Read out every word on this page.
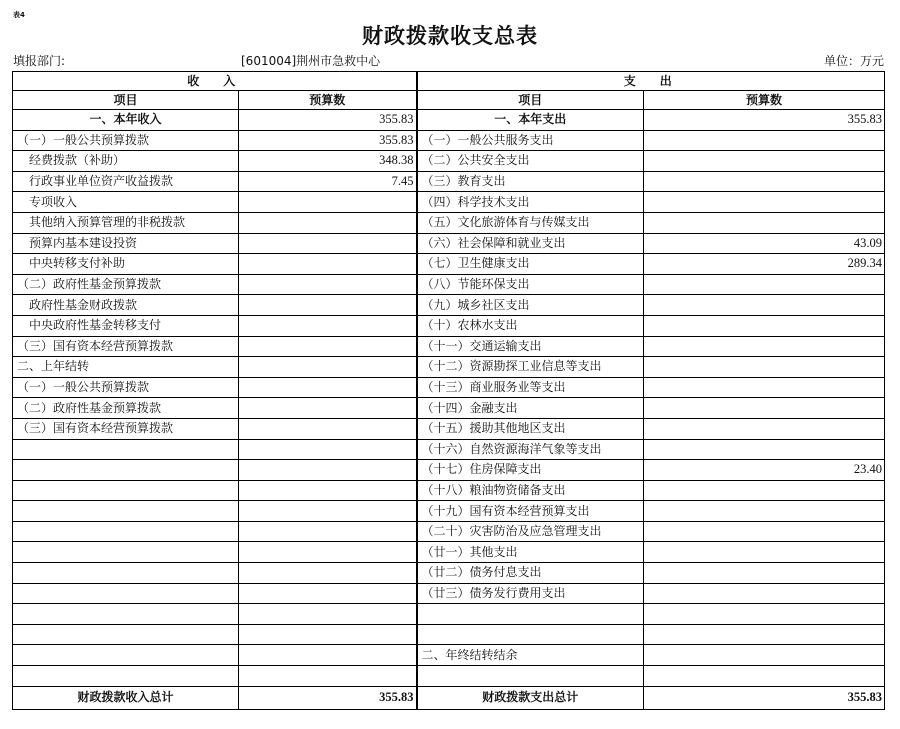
表4
财政拨款收支总表
填报部门:	[601004]荆州市急救中心	单位：万元
收　入		支　出	
项目	预算数	项目	预算数
一、本年收入	355.83	一、本年支出	355.83
（一）一般公共预算拨款	355.83	（一）一般公共服务支出	
　经费拨款（补助）	348.38	（二）公共安全支出	
　行政事业单位资产收益拨款	7.45	（三）教育支出	
　专项收入		（四）科学技术支出	
　其他纳入预算管理的非税拨款		（五）文化旅游体育与传媒支出	
　预算内基本建设投资		（六）社会保障和就业支出	43.09
　中央转移支付补助		（七）卫生健康支出	289.34
（二）政府性基金预算拨款		（八）节能环保支出	
　政府性基金财政拨款		（九）城乡社区支出	
　中央政府性基金转移支付		（十）农林水支出	
（三）国有资本经营预算拨款		（十一）交通运输支出	
二、上年结转		（十二）资源勘探工业信息等支出	
（一）一般公共预算拨款		（十三）商业服务业等支出	
（二）政府性基金预算拨款		（十四）金融支出	
（三）国有资本经营预算拨款		（十五）援助其他地区支出	
		（十六）自然资源海洋气象等支出	
		（十七）住房保障支出	23.40
		（十八）粮油物资储备支出	
		（十九）国有资本经营预算支出	
		（二十）灾害防治及应急管理支出	
		（廿一）其他支出	
		（廿二）债务付息支出	
		（廿三）债务发行费用支出	

		二、年终结转结余	

财政拨款收入总计	355.83	财政拨款支出总计	355.83
